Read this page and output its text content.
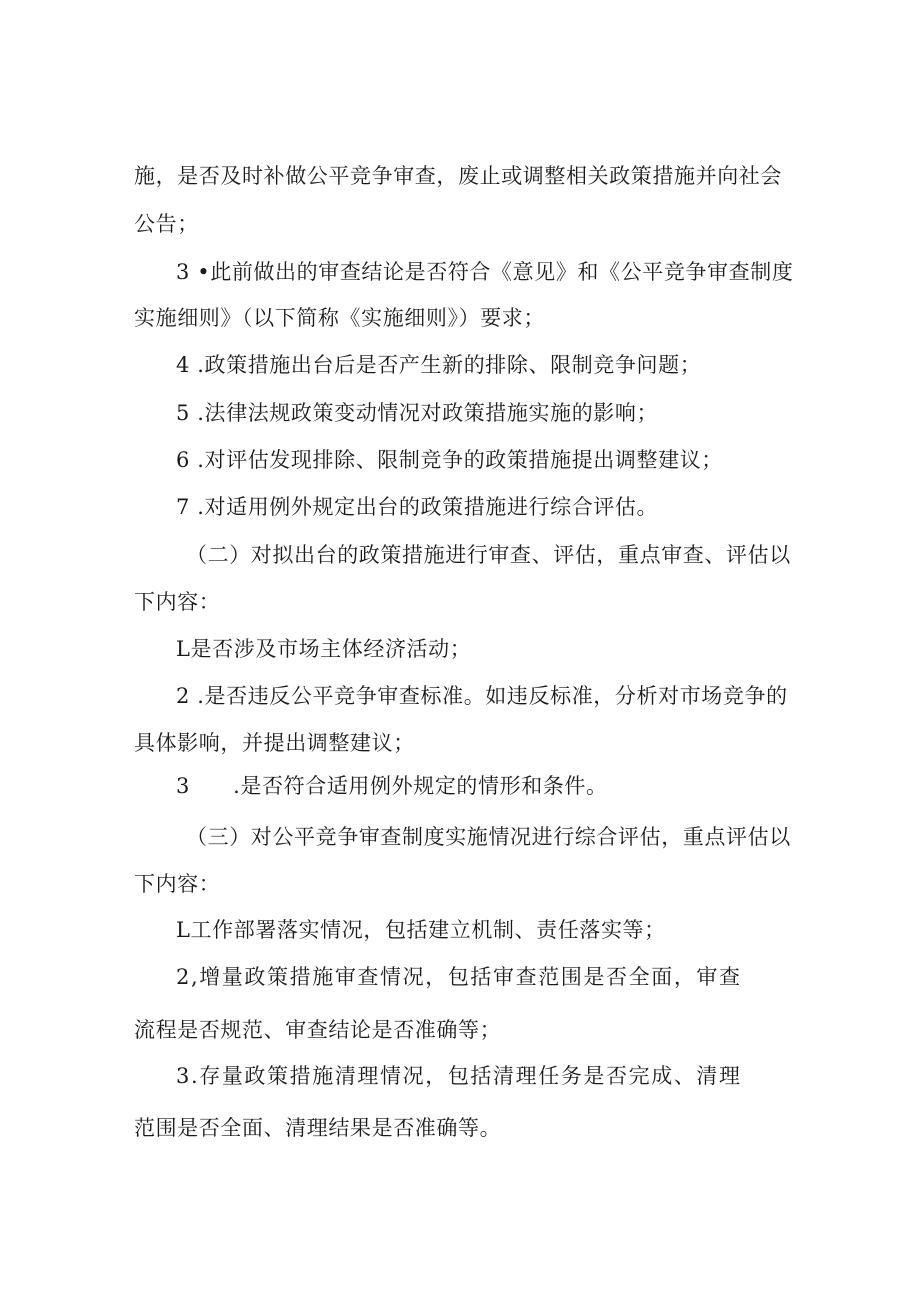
施，是否及时补做公平竞争审查，废止或调整相关政策措施并向社会
公告；
3 •此前做出的审查结论是否符合《意见》和《公平竞争审查制度
实施细则》（以下简称《实施细则》）要求；
4 .政策措施出台后是否产生新的排除、限制竞争问题；
5 .法律法规政策变动情况对政策措施实施的影响；
6 .对评估发现排除、限制竞争的政策措施提出调整建议；
7 .对适用例外规定出台的政策措施进行综合评估。
（二）对拟出台的政策措施进行审查、评估，重点审查、评估以
下内容：
L是否涉及市场主体经济活动；
2 .是否违反公平竞争审查标准。如违反标准，分析对市场竞争的
具体影响，并提出调整建议；
3　　.是否符合适用例外规定的情形和条件。
（三）对公平竞争审查制度实施情况进行综合评估，重点评估以
下内容：
L工作部署落实情况，包括建立机制、责任落实等；
2,增量政策措施审查情况，包括审查范围是否全面，审查
流程是否规范、审查结论是否准确等；
3.存量政策措施清理情况，包括清理任务是否完成、清理
范围是否全面、清理结果是否准确等。
